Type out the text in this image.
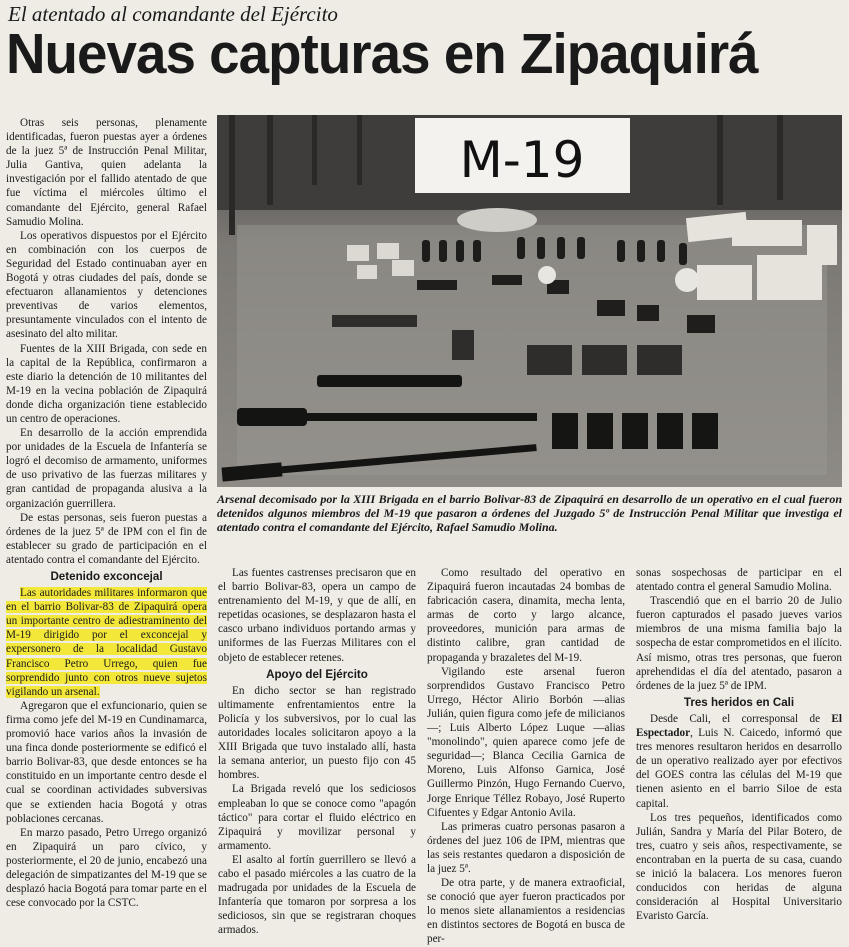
El atentado al comandante del Ejército
Nuevas capturas en Zipaquirá

Otras seis personas, plenamente identificadas, fueron puestas ayer a órdenes de la juez 5ª de Instrucción Penal Militar, Julia Gantiva, quien adelanta la investigación por el fallido atentado de que fue víctima el miércoles último el comandante del Ejército, general Rafael Samudio Molina.

Los operativos dispuestos por el Ejército en combinación con los cuerpos de Seguridad del Estado continuaban ayer en Bogotá y otras ciudades del país, donde se efectuaron allanamientos y detenciones preventivas de varios elementos, presuntamente vinculados con el intento de asesinato del alto militar.

Fuentes de la XIII Brigada, con sede en la capital de la República, confirmaron a este diario la detención de 10 militantes del M-19 en la vecina población de Zipaquirá donde dicha organización tiene establecido un centro de operaciones.

En desarrollo de la acción emprendida por unidades de la Escuela de Infantería se logró el decomiso de armamento, uniformes de uso privativo de las fuerzas militares y gran cantidad de propaganda alusiva a la organización guerrillera.

De estas personas, seis fueron puestas a órdenes de la juez 5ª de IPM con el fin de establecer su grado de participación en el atentado contra el comandante del Ejército.

Detenido exconcejal

Las autoridades militares informaron que en el barrio Bolivar-83 de Zipaquirá opera un importante centro de adiestraminento del M-19 dirigido por el exconcejal y expersonero de la localidad Gustavo Francisco Petro Urrego, quien fue sorprendido junto con otros nueve sujetos vigilando un arsenal.

Agregaron que el exfuncionario, quien se firma como jefe del M-19 en Cundinamarca, promovió hace varios años la invasión de una finca donde posteriormente se edificó el barrio Bolivar-83, que desde entonces se ha constituido en un importante centro desde el cual se coordinan actividades subversivas que se extienden hacia Bogotá y otras poblaciones cercanas.

En marzo pasado, Petro Urrego organizó en Zipaquirá un paro cívico, y posteriormente, el 20 de junio, encabezó una delegación de simpatizantes del M-19 que se desplazó hacia Bogotá para tomar parte en el cese convocado por la CSTC.

M-19
Arsenal decomisado por la XIII Brigada en el barrio Bolivar-83 de Zipaquirá en desarrollo de un operativo en el cual fueron detenidos algunos miembros del M-19 que pasaron a órdenes del Juzgado 5º de Instrucción Penal Militar que investiga el atentado contra el comandante del Ejército, Rafael Samudio Molina.

Las fuentes castrenses precisaron que en el barrio Bolivar-83, opera un campo de entrenamiento del M-19, y que de allí, en repetidas ocasiones, se desplazaron hasta el casco urbano individuos portando armas y uniformes de las Fuerzas Militares con el objeto de establecer retenes.

Apoyo del Ejército

En dicho sector se han registrado ultimamente enfrentamientos entre la Policía y los subversivos, por lo cual las autoridades locales solicitaron apoyo a la XIII Brigada que tuvo instalado allí, hasta la semana anterior, un puesto fijo con 45 hombres.

La Brigada reveló que los sediciosos empleaban lo que se conoce como "apagón táctico" para cortar el fluido eléctrico en Zipaquirá y movilizar personal y armamento.

El asalto al fortín guerrillero se llevó a cabo el pasado miércoles a las cuatro de la madrugada por unidades de la Escuela de Infantería que tomaron por sorpresa a los sediciosos, sin que se registraran choques armados.

Como resultado del operativo en Zipaquirá fueron incautadas 24 bombas de fabricación casera, dinamita, mecha lenta, armas de corto y largo alcance, proveedores, munición para armas de distinto calibre, gran cantidad de propaganda y brazaletes del M-19.

Vigilando este arsenal fueron sorprendidos Gustavo Francisco Petro Urrego, Héctor Alirio Borbón —alias Julián, quien figura como jefe de milicianos—; Luis Alberto López Luque —alias "monolindo", quien aparece como jefe de seguridad—; Blanca Cecilia Garnica de Moreno, Luis Alfonso Garnica, José Guillermo Pinzón, Hugo Fernando Cuervo, Jorge Enrique Téllez Robayo, José Ruperto Cifuentes y Edgar Antonio Avila.

Las primeras cuatro personas pasaron a órdenes del juez 106 de IPM, mientras que las seis restantes quedaron a disposición de la juez 5ª.

De otra parte, y de manera extraoficial, se conoció que ayer fueron practicados por lo menos siete allanamientos a residencias en distintos sectores de Bogotá en busca de per-

sonas sospechosas de participar en el atentado contra el general Samudio Molina.

Trascendió que en el barrio 20 de Julio fueron capturados el pasado jueves varios miembros de una misma familia bajo la sospecha de estar comprometidos en el ilícito. Así mismo, otras tres personas, que fueron aprehendidas el día del atentado, pasaron a órdenes de la juez 5ª de IPM.

Tres heridos en Cali

Desde Cali, el corresponsal de El Espectador, Luis N. Caicedo, informó que tres menores resultaron heridos en desarrollo de un operativo realizado ayer por efectivos del GOES contra las células del M-19 que tienen asiento en el barrio Siloe de esta capital.

Los tres pequeños, identificados como Julián, Sandra y María del Pilar Botero, de tres, cuatro y seis años, respectivamente, se encontraban en la puerta de su casa, cuando se inició la balacera. Los menores fueron conducidos con heridas de alguna consideración al Hospital Universitario Evaristo García.
